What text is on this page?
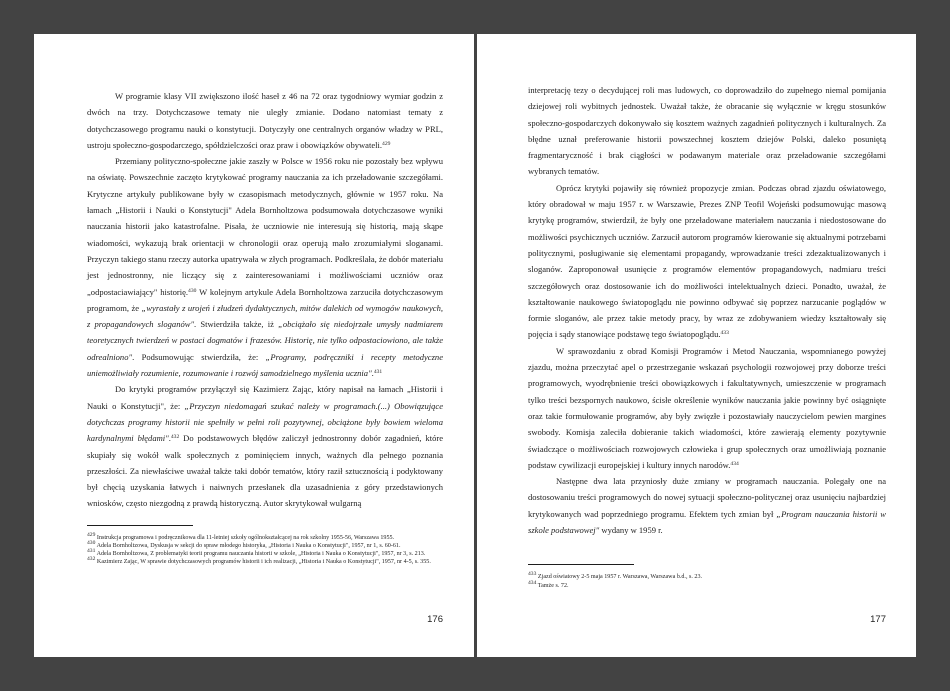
W programie klasy VII zwiększono ilość haseł z 46 na 72 oraz tygodniowy wymiar godzin z dwóch na trzy. Dotychczasowe tematy nie uległy zmianie. Dodano natomiast tematy z dotychczasowego programu nauki o konstytucji. Dotyczyły one centralnych organów władzy w PRL, ustroju społeczno-gospodarczego, spółdzielczości oraz praw i obowiązków obywateli.$^{429}$

Przemiany polityczno-społeczne jakie zaszły w Polsce w 1956 roku nie pozostały bez wpływu na oświatę. Powszechnie zaczęto krytykować programy nauczania za ich przeładowanie szczegółami. Krytyczne artykuły publikowane były w czasopismach metodycznych, głównie w 1957 roku. Na łamach „Historii i Nauki o Konstytucji" Adela Bornholtzowa podsumowała dotychczasowe wyniki nauczania historii jako katastrofalne. Pisała, że uczniowie nie interesują się historią, mają skąpe wiadomości, wykazują brak orientacji w chronologii oraz operują mało zrozumiałymi sloganami. Przyczyn takiego stanu rzeczy autorka upatrywała w złych programach. Podkreślała, że dobór materiału jest jednostronny, nie liczący się z zainteresowaniami i możliwościami uczniów oraz „odpostaciawiający" historię.$^{430}$ W kolejnym artykule Adela Bornholtzowa zarzuciła dotychczasowym programom, że „wyrastały z urojeń i złudzeń dydaktycznych, mitów dalekich od wymogów naukowych, z propagandowych sloganów". Stwierdziła także, iż „obciążało się niedojrzałe umysły nadmiarem teoretycznych twierdzeń w postaci dogmatów i frazesów. Historię, nie tylko odpostaciowiono, ale także odrealniono". Podsumowując stwierdziła, że: „Programy, podręczniki i recepty metodyczne uniemożliwiały rozumienie, rozumowanie i rozwój samodzielnego myślenia ucznia".$^{431}$

Do krytyki programów przyłączył się Kazimierz Zając, który napisał na łamach „Historii i Nauki o Konstytucji", że: „Przyczyn niedomagań szukać należy w programach.(...) Obowiązujące dotychczas programy historii nie spełniły w pełni roli pozytywnej, obciążone były bowiem wieloma kardynalnymi błędami".$^{432}$ Do podstawowych błędów zaliczył jednostronny dobór zagadnień, które skupiały się wokół walk społecznych z pominięciem innych, ważnych dla pełnego poznania przeszłości. Za niewłaściwe uważał także taki dobór tematów, który raził sztucznością i podyktowany był chęcią uzyskania łatwych i naiwnych przesłanek dla uzasadnienia z góry przedstawionych wniosków, często niezgodną z prawdą historyczną. Autor skrytykował wulgarną

$^{429}$ Instrukcja programowa i podręcznikowa dla 11-letniej szkoły ogólnokształcącej na rok szkolny 1955-56, Warszawa 1955.

$^{430}$ Adela Bornholtzowa, Dyskusja w sekcji do spraw młodego historyka, „Historia i Nauka o Konstytucji", 1957, nr 1, s. 60-61.

$^{431}$ Adela Bornholtzowa, Z problematyki teorii programu nauczania historii w szkole, „Historia i Nauka o Konstytucji", 1957, nr 3, s. 213.

$^{432}$ Kazimierz Zając, W sprawie dotychczasowych programów historii i ich realizacji, „Historia i Nauka o Konstytucji", 1957, nr 4-5, s. 355.

176

interpretację tezy o decydującej roli mas ludowych, co doprowadziło do zupełnego niemal pomijania dziejowej roli wybitnych jednostek. Uważał także, że obracanie się wyłącznie w kręgu stosunków społeczno-gospodarczych dokonywało się kosztem ważnych zagadnień politycznych i kulturalnych. Za błędne uznał preferowanie historii powszechnej kosztem dziejów Polski, daleko posuniętą fragmentaryczność i brak ciągłości w podawanym materiale oraz przeładowanie szczegółami wybranych tematów.

Oprócz krytyki pojawiły się również propozycje zmian. Podczas obrad zjazdu oświatowego, który obradował w maju 1957 r. w Warszawie, Prezes ZNP Teofil Wojeński podsumowując masową krytykę programów, stwierdził, że były one przeładowane materiałem nauczania i niedostosowane do możliwości psychicznych uczniów. Zarzucił autorom programów kierowanie się aktualnymi potrzebami politycznymi, posługiwanie się elementami propagandy, wprowadzanie treści zdezaktualizowanych i sloganów. Zaproponował usunięcie z programów elementów propagandowych, nadmiaru treści szczegółowych oraz dostosowanie ich do możliwości intelektualnych dzieci. Ponadto, uważał, że kształtowanie naukowego światopoglądu nie powinno odbywać się poprzez narzucanie poglądów w formie sloganów, ale przez takie metody pracy, by wraz ze zdobywaniem wiedzy kształtowały się pojęcia i sądy stanowiące podstawę tego światopoglądu.$^{433}$

W sprawozdaniu z obrad Komisji Programów i Metod Nauczania, wspomnianego powyżej zjazdu, można przeczytać apel o przestrzeganie wskazań psychologii rozwojowej przy doborze treści programowych, wyodrębnienie treści obowiązkowych i fakultatywnych, umieszczenie w programach tylko treści bezspornych naukowo, ścisłe określenie wyników nauczania jakie powinny być osiągnięte oraz takie formułowanie programów, aby były zwięzłe i pozostawiały nauczycielom pewien margines swobody. Komisja zaleciła dobieranie takich wiadomości, które zawierają elementy pozytywnie świadczące o możliwościach rozwojowych człowieka i grup społecznych oraz umożliwiają poznanie podstaw cywilizacji europejskiej i kultury innych narodów.$^{434}$

Następne dwa lata przyniosły duże zmiany w programach nauczania. Polegały one na dostosowaniu treści programowych do nowej sytuacji społeczno-politycznej oraz usunięciu najbardziej krytykowanych wad poprzedniego programu. Efektem tych zmian był „Program nauczania historii w szkole podstawowej" wydany w 1959 r.

$^{433}$ Zjazd oświatowy 2-5 maja 1957 r. Warszawa, Warszawa b.d., s. 23.

$^{434}$ Tamże s. 72.

177
